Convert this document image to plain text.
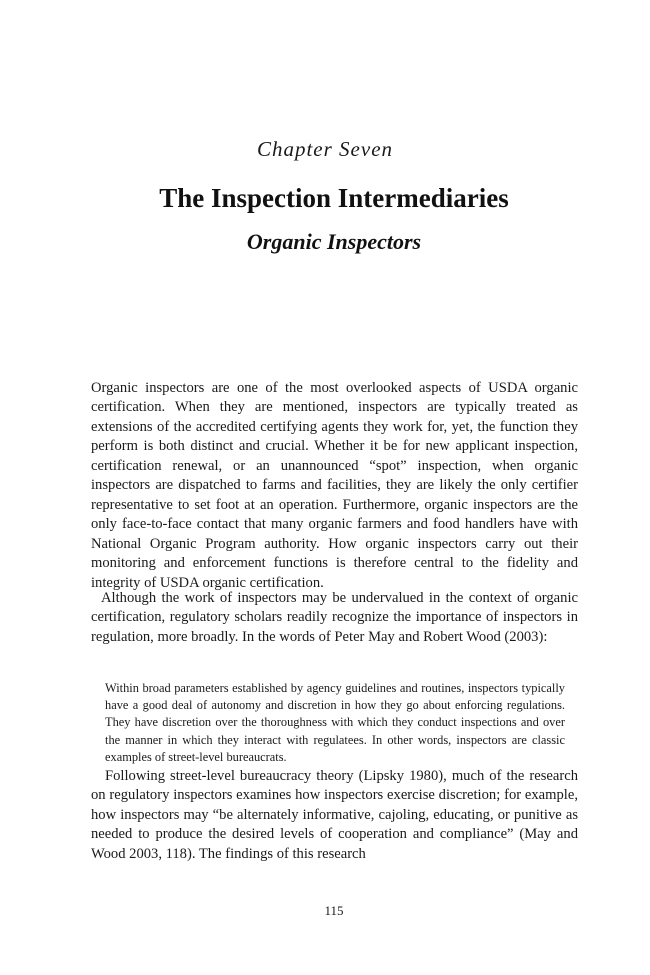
Chapter Seven
The Inspection Intermediaries
Organic Inspectors

Organic inspectors are one of the most overlooked aspects of USDA organic certification. When they are mentioned, inspectors are typically treated as extensions of the accredited certifying agents they work for, yet, the function they perform is both distinct and crucial. Whether it be for new applicant inspection, certification renewal, or an unannounced “spot” inspection, when organic inspectors are dispatched to farms and facilities, they are likely the only certifier representative to set foot at an operation. Furthermore, organic inspectors are the only face-to-face contact that many organic farmers and food handlers have with National Organic Program authority. How organic inspectors carry out their monitoring and enforcement functions is therefore central to the fidelity and integrity of USDA organic certification.

Although the work of inspectors may be undervalued in the context of organic certification, regulatory scholars readily recognize the importance of inspectors in regulation, more broadly. In the words of Peter May and Robert Wood (2003):

Within broad parameters established by agency guidelines and routines, inspectors typically have a good deal of autonomy and discretion in how they go about enforcing regulations. They have discretion over the thoroughness with which they conduct inspections and over the manner in which they interact with regulatees. In other words, inspectors are classic examples of street-level bureaucrats.

Following street-level bureaucracy theory (Lipsky 1980), much of the research on regulatory inspectors examines how inspectors exercise discretion; for example, how inspectors may “be alternately informative, cajoling, educating, or punitive as needed to produce the desired levels of cooperation and compliance” (May and Wood 2003, 118). The findings of this research

115
